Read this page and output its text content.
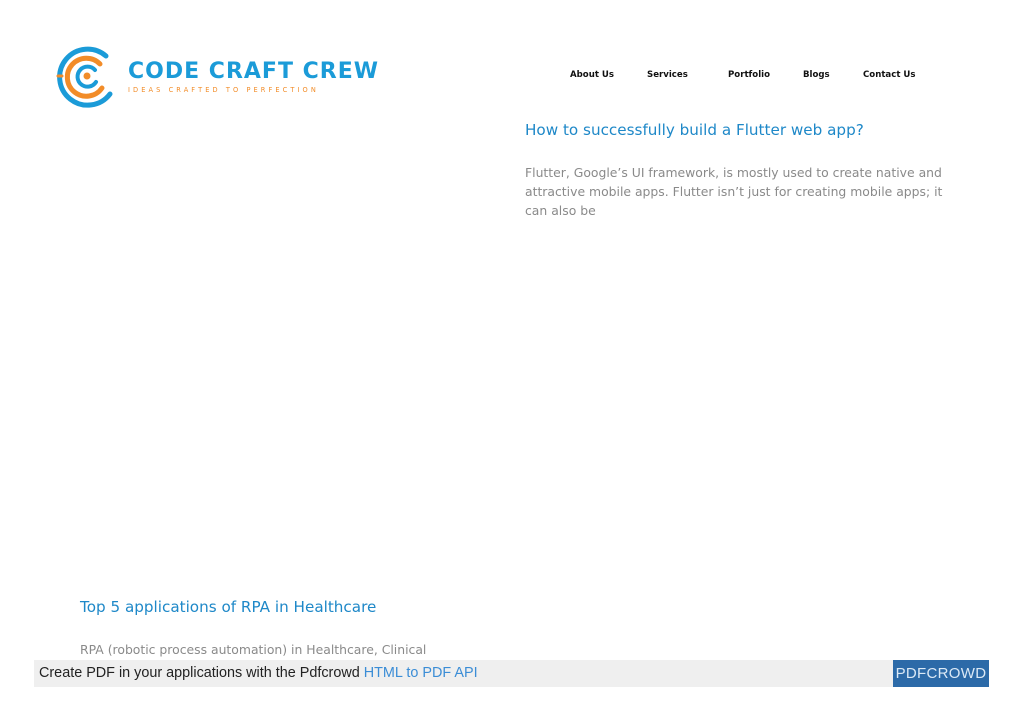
CODE CRAFT CREW
IDEAS CRAFTED TO PERFECTION
About Us	Services	Portfolio	Blogs	Contact Us
How to successfully build a Flutter web app?
Flutter, Google’s UI framework, is mostly used to create native and attractive mobile apps. Flutter isn’t just for creating mobile apps; it can also be
Top 5 applications of RPA in Healthcare
RPA (robotic process automation) in Healthcare, Clinical
Create PDF in your applications with the Pdfcrowd HTML to PDF API	PDFCROWD
